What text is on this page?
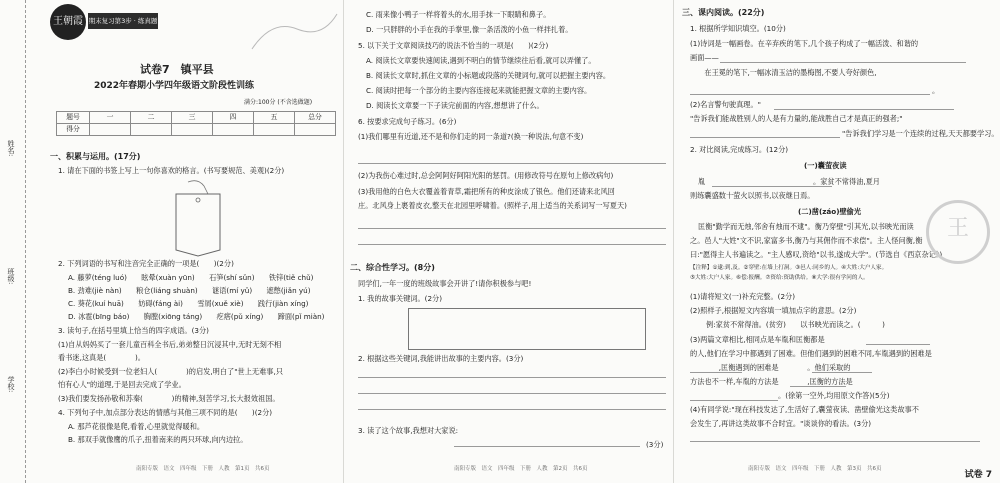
姓名:
班级:
学校:
王朝霞 期末复习第3步 · 练真题
试卷7　镇平县
2022年春期小学四年级语文阶段性训练
满分:100分 (不含选做题)
题号	一	二	三	四	五	总分
得分						
一、积累与运用。(17分)
1. 请在下面的书签上写上一句你喜欢的格言。(书写要规范、美观)(2分)
2. 下列词语的书写和注音完全正确的一项是(　　)(2分)
A. 藤萝(téng luó)　　眩晕(xuàn yūn)　　石笋(shí sǔn)　　铁锌(tiě chǔ)
B. 劲难(jiè nàn)　　粮仓(liáng shuàn)　　谜语(mí yǔ)　　遮憋(jiǎn yú)
C. 葵花(kuí huā)　　妨碍(fáng ài)　　雪屑(xuě xiè)　　践行(jiàn xíng)
D. 冰雹(bīng báo)　　胸膛(xiōng táng)　　疙瘩(pǔ xíng)　　蹄面(pǐ miàn)
3. 读句子,在括号里填上恰当的四字成语。(3分)
(1)自从妈妈买了一套儿童百科全书后,弟弟整日沉浸其中,无时无刻不相
看书迷,这真是(　　　　)。
(2)李白小时候受到一位老妇人(　　　　)的启发,明白了"世上无难事,只
怕有心人"的道理,于是回去完成了学业。
(3)我们要发扬孙敬和苏秦(　　　　)的精神,刻苦学习,长大报效祖国。
4. 下列句子中,加点部分表达的情感与其他三项不同的是(　　)(2分)
A. 那芦花很像是爬,看着,心里就觉得暖和。
B. 那双手就像鹰的爪子,扭着南来的两只环球,向内边拉。
南阳专版　语文　四年级　下册　人教　第1页　共6页
C. 雨来像小鸭子一样将着头的水,用手抹一下眼睛和鼻子。
D. 一只胖胖的小手在我的手掌里,像一条活泼的小鱼一样拌扎着。
5. 以下关于文章阅读技巧的说法不恰当的一项是(　　)(2分)
A. 阅读长文章要快速阅读,遇到不明白的情节继续往后看,就可以弄懂了。
B. 阅读长文章时,抓住文章的小标题或段落的关键词句,就可以把握主要内容。
C. 阅读时把每一个部分的主要内容连接起来就能把握文章的主要内容。
D. 阅读长文章要一下子读完前面的内容,想想讲了什么。
6. 按要求完成句子练习。(6分)
(1)我们哪里有近道,还不是和你们走的同一条道?(换一种说法,句意不变)
(2)为我伤心难过时,总会阿阿好阿阳光阳的惩罚。(用修改符号在原句上修改病句)
(3)我用他的白色大衣覆盖着青草,霜把所有的种皮涂成了银色。他们还请来北风回
庄。北风身上裹着皮衣,整天在北园里呼啸着。(照样子,用上适当的关系词写一写夏天)
二、综合性学习。(8分)
同学们,一年一度的班级故事会开讲了!请你积极参与吧!
1. 我的故事关键词。(2分)
2. 根据这些关键词,我能讲出故事的主要内容。(3分)
3. 读了这个故事,我想对大家说:
(3分)
南阳专版　语文　四年级　下册　人教　第2页　共6页
三、课内阅读。(22分)
1. 根据所学知识填空。(10分)
(1)诗词是一幅画卷。在辛弃疾的笔下,几个孩子构成了一幅活泼、和谐的
画面——
　　在王冕的笔下,一幅冰清玉洁的墨梅图,不要人夸好颜色,
。
(2)名言警句驶真理。"
"告诉我们能战胜别人的人是有力量的,能战胜自己才是真正的强者;"
"告诉我们学习是一个连续的过程,天天都要学习。
2. 对比阅读,完成练习。(12分)
(一)囊萤夜读
胤　　　　　　　　　　　　　　　。家贫不常得油,夏月
则练囊盛数十萤火以照书,以夜继日焉。
(二)凿(záo)壁偷光
匡衡"勤学而无烛,邻舍有烛而不逮"。衡乃穿壁"引其光,以书映光而读
之。邑人"大姓"文不识,家富多书,衡乃与其佣作而不求偿"。主人怪问衡,衡
曰:"愿得主人书遍读之。"主人感叹,资给"以书,遂成大学"。(节选自《西京杂记》)
【注释】①逮:到,及。②穿壁:在墙上打洞。③邑人:同乡的人。④大姓:大户人家。
⑤大姓:大户人家。⑥偿:报酬。⑦资给:资助供给。⑧大学:很有学问的人。
王
(1)请将短文(一)补充完整。(2分)
(2)照样子,根据短文内容填一填加点字的意思。(2分)
例:家贫不常得油。(贫穷)　　以书映光而读之。(　　　)
(3)两篇文章相比,相同点是车胤和匡衡都是
的人,他们在学习中都遇到了困难。但他们遇到的困难不同,车胤遇到的困难是
　　　　,匡衡遇到的困难是　　　　。他们采取的
方法也不一样,车胤的方法是　　　　,匡衡的方法是
。(徐第一空外,均用原文作答)(5分)
(4)有同学说:"现在科技发达了,生活好了,囊萤夜读、凿壁偷光这类故事不
会发生了,再讲这类故事不合时宜。"谈谈你的看法。(3分)
南阳专版　语文　四年级　下册　人教　第3页　共6页
试卷 7
